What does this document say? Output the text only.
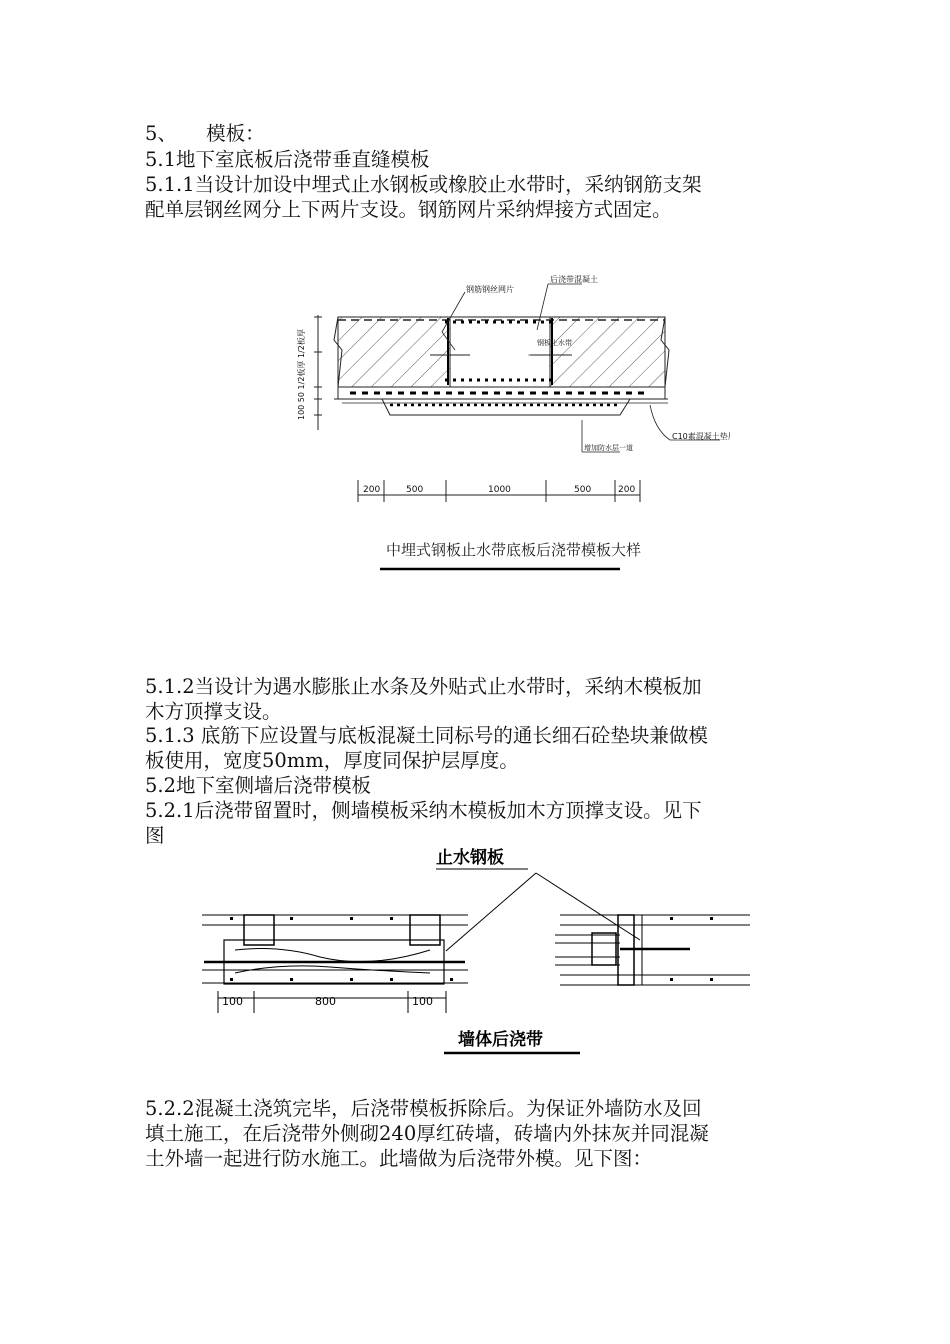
5、　　模板：

5.1地下室底板后浇带垂直缝模板

5.1.1当设计加设中埋式止水钢板或橡胶止水带时，采纳钢筋支架

配单层钢丝网分上下两片支设。钢筋网片采纳焊接方式固定。

100 50 1/2板厚 1/2板厚
钢筋钢丝网片
后浇带混凝土
钢板止水带
增加防水层一道
C10素混凝土垫层
200	500	1000	500	200
中埋式钢板止水带底板后浇带模板大样

5.1.2当设计为遇水膨胀止水条及外贴式止水带时，采纳木模板加

木方顶撑支设。

5.1.3 底筋下应设置与底板混凝土同标号的通长细石砼垫块兼做模

板使用，宽度50mm，厚度同保护层厚度。

5.2地下室侧墙后浇带模板

5.2.1后浇带留置时，侧墙模板采纳木模板加木方顶撑支设。见下

图

止水钢板
100	800	100
墙体后浇带

5.2.2混凝土浇筑完毕，后浇带模板拆除后。为保证外墙防水及回

填土施工，在后浇带外侧砌240厚红砖墙，砖墙内外抹灰并同混凝

土外墙一起进行防水施工。此墙做为后浇带外模。见下图：
